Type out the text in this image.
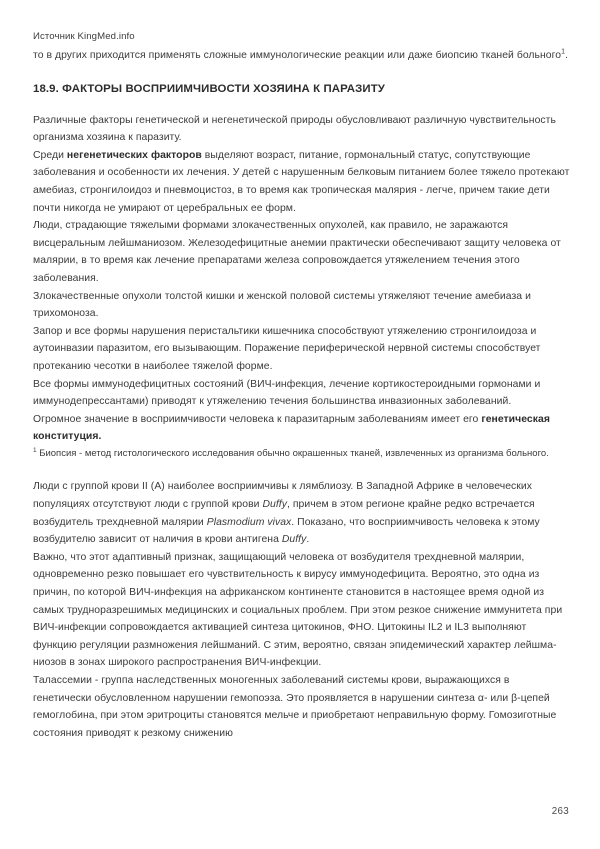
Источник KingMed.info

то в других приходится применять сложные иммунологические реакции или даже биопсию тканей больного$^1$.

18.9. ФАКТОРЫ ВОСПРИИМЧИВОСТИ ХОЗЯИНА К ПАРАЗИТУ

Различные факторы генетической и негенетической природы обусловливают различную чувствительность организма хозяина к паразиту.

Среди негенетических факторов выделяют возраст, питание, гормональный статус, сопутствующие заболевания и особенности их лечения. У детей с нарушенным белковым питанием более тяжело протекают амебиаз, стронгилоидоз и пневмоцистоз, в то время как тропическая малярия - легче, причем такие дети почти никогда не умирают от церебральных ее форм.

Люди, страдающие тяжелыми формами злокачественных опухолей, как правило, не заражаются висцеральным лейшманиозом. Железодефицитные анемии практически обеспечивают защиту человека от малярии, в то время как лечение препаратами железа сопровождается утяжелением течения этого заболевания.

Злокачественные опухоли толстой кишки и женской половой системы утяжеляют течение амебиаза и трихомоноза.

Запор и все формы нарушения перистальтики кишечника способствуют утяжелению стронгилоидоза и аутоинвазии паразитом, его вызывающим. Поражение периферической нервной системы способствует протеканию чесотки в наиболее тяжелой форме.

Все формы иммунодефицитных состояний (ВИЧ-инфекция, лечение кортикостероидными гормонами и иммунодепрессантами) приводят к утяжелению течения большинства инвазионных заболеваний.

Огромное значение в восприимчивости человека к паразитарным заболеваниям имеет его генетическая конституция.

$^1$ Биопсия - метод гистологического исследования обычно окрашенных тканей, извлеченных из организма больного.

Люди с группой крови II (А) наиболее восприимчивы к лямблиозу. В Западной Африке в человеческих популяциях отсутствуют люди с группой крови Duffy, причем в этом регионе крайне редко встречается возбудитель трехдневной малярии Plasmodium vivax. Показано, что восприимчивость человека к этому возбудителю зависит от наличия в крови антигена Duffy.

Важно, что этот адаптивный признак, защищающий человека от возбудителя трехдневной малярии, одновременно резко повышает его чувствительность к вирусу иммунодефицита. Вероятно, это одна из причин, по которой ВИЧ-инфекция на африканском континенте становится в настоящее время одной из самых трудноразрешимых медицинских и социальных проблем. При этом резкое снижение иммунитета при ВИЧ-инфекции сопровождается активацией синтеза цитокинов, ФНО. Цитокины IL2 и IL3 выполняют функцию регуляции размножения лейшманий. С этим, вероятно, связан эпидемический характер лейшма-ниозов в зонах широкого распространения ВИЧ-инфекции.

Талассемии - группа наследственных моногенных заболеваний системы крови, выражающихся в генетически обусловленном нарушении гемопоэза. Это проявляется в нарушении синтеза α- или β-цепей гемоглобина, при этом эритроциты становятся мельче и приобретают неправильную форму. Гомозиготные состояния приводят к резкому снижению

263
